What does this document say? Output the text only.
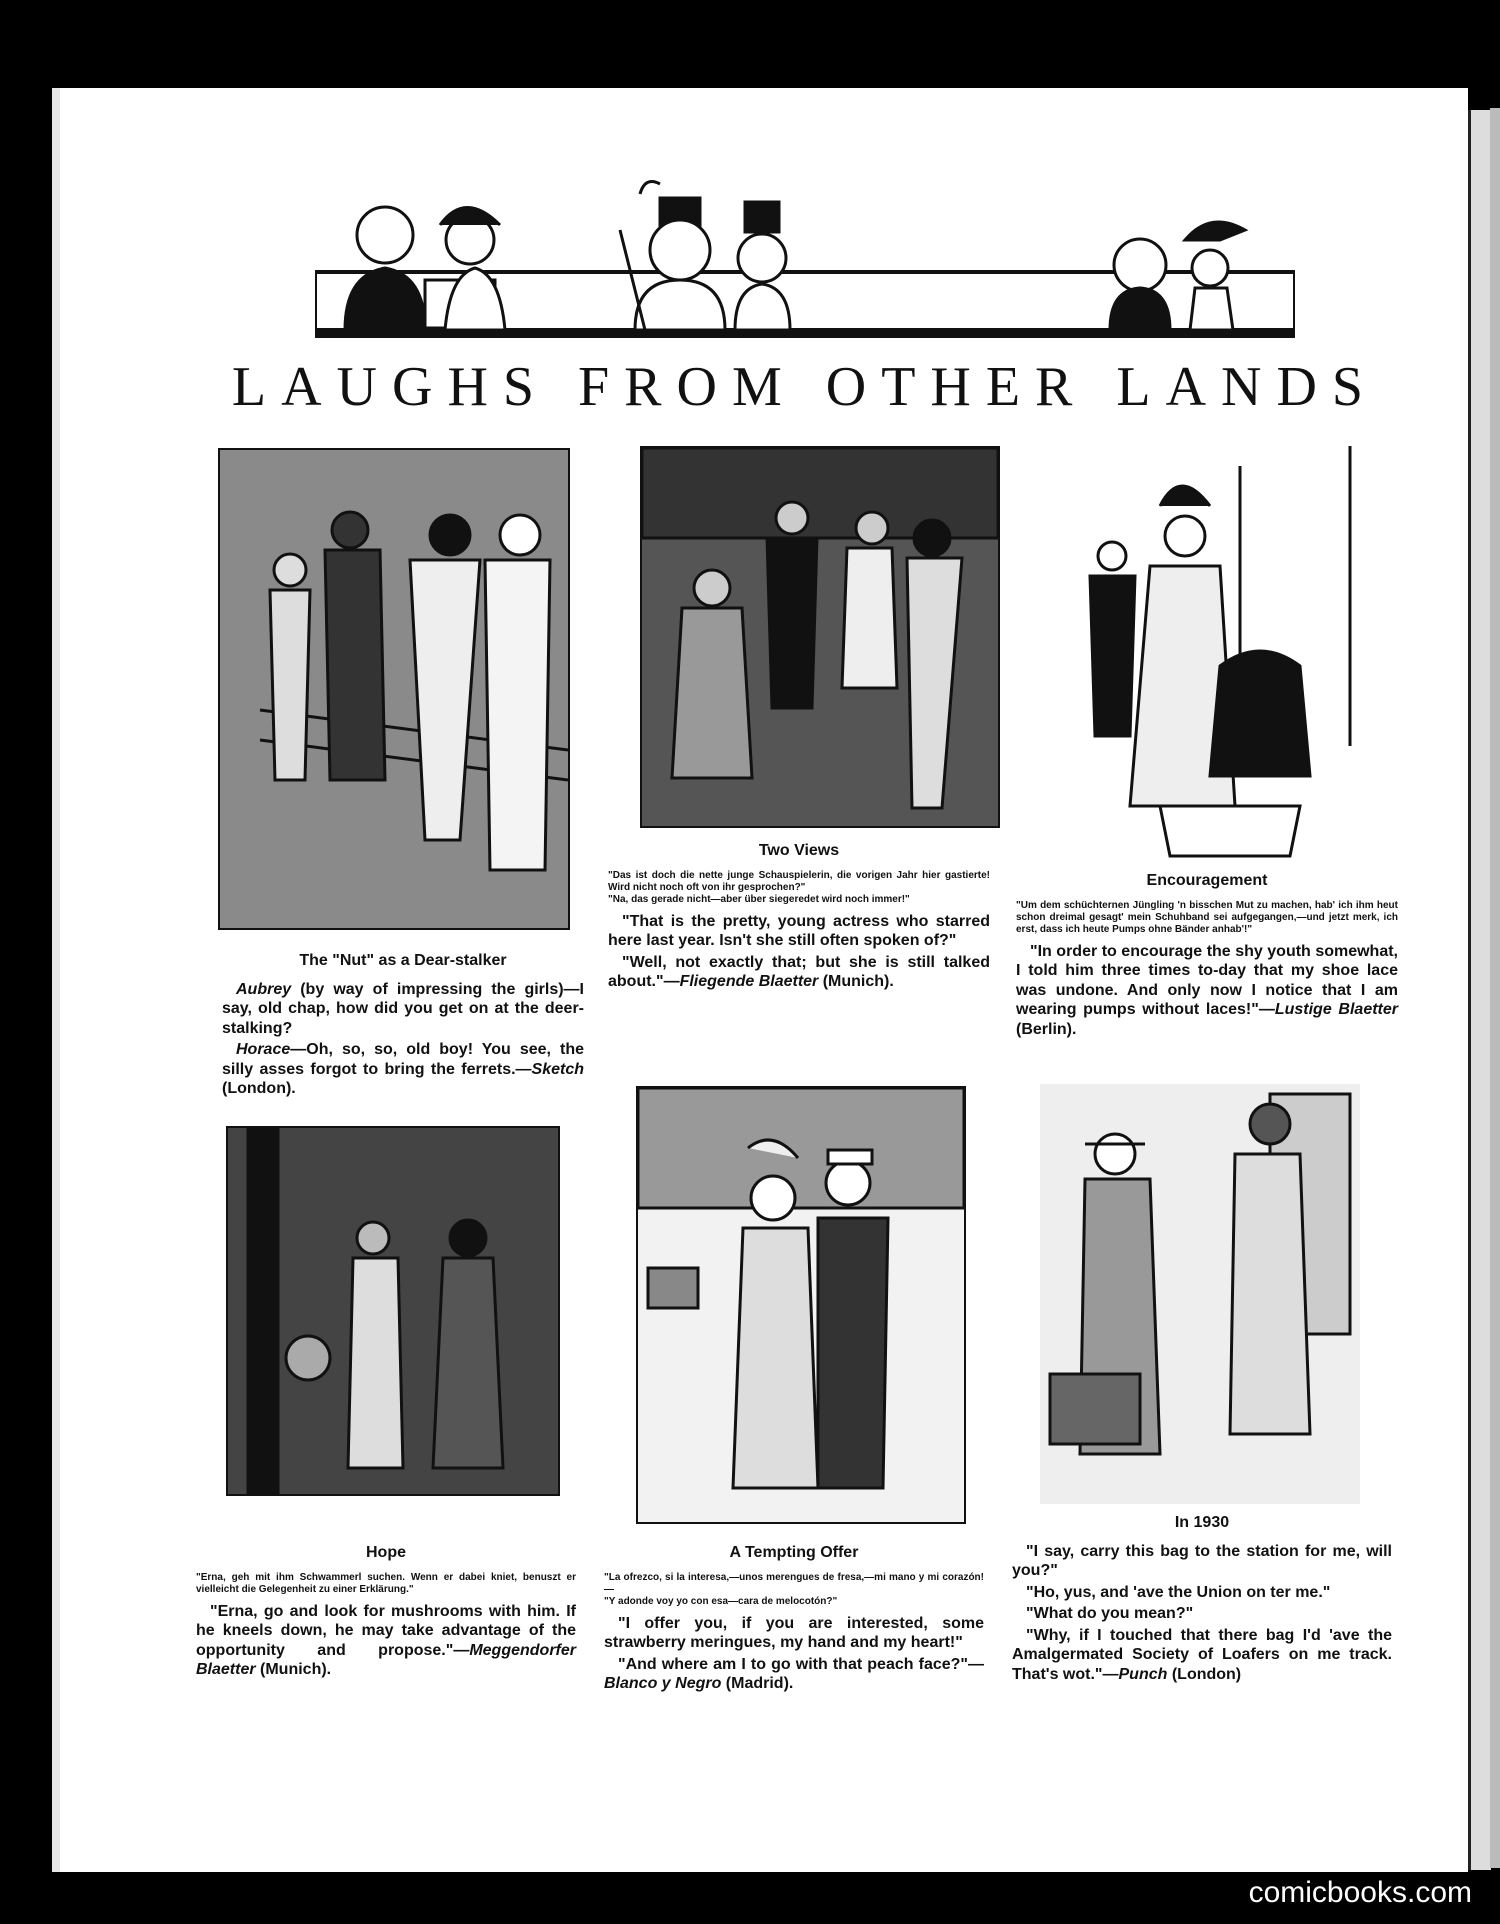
LAUGHS FROM OTHER LANDS
The "Nut" as a Dear-stalker

Aubrey (by way of impressing the girls)—I say, old chap, how did you get on at the deer-stalking?

Horace—Oh, so, so, old boy! You see, the silly asses forgot to bring the ferrets.—Sketch (London).

Two Views
"Das ist doch die nette junge Schauspielerin, die vorigen Jahr hier gastierte! Wird nicht noch oft von ihr gesprochen?"
"Na, das gerade nicht—aber über siegeredet wird noch immer!"

"That is the pretty, young actress who starred here last year. Isn't she still often spoken of?"

"Well, not exactly that; but she is still talked about."—Fliegende Blaetter (Munich).

Encouragement
"Um dem schüchternen Jüngling 'n bisschen Mut zu machen, hab' ich ihm heut schon dreimal gesagt' mein Schuhband sei aufgegangen,—und jetzt merk, ich erst, dass ich heute Pumps ohne Bänder anhab'!"

"In order to encourage the shy youth somewhat, I told him three times to-day that my shoe lace was undone. And only now I notice that I am wearing pumps without laces!"—Lustige Blaetter (Berlin).

Hope
"Erna, geh mit ihm Schwammerl suchen. Wenn er dabei kniet, benuszt er vielleicht die Gelegenheit zu einer Erklärung."

"Erna, go and look for mushrooms with him. If he kneels down, he may take advantage of the opportunity and propose."—Meggendorfer Blaetter (Munich).

A Tempting Offer
"La ofrezco, si la interesa,—unos merengues de fresa,—mi mano y mi corazón!—
"Y adonde voy yo con esa—cara de melocotón?"

"I offer you, if you are interested, some strawberry meringues, my hand and my heart!"

"And where am I to go with that peach face?"—Blanco y Negro (Madrid).

In 1930

"I say, carry this bag to the station for me, will you?"

"Ho, yus, and 'ave the Union on ter me."

"What do you mean?"

"Why, if I touched that there bag I'd 'ave the Amalgermated Society of Loafers on me track. That's wot."—Punch (London)

comicbooks.com
